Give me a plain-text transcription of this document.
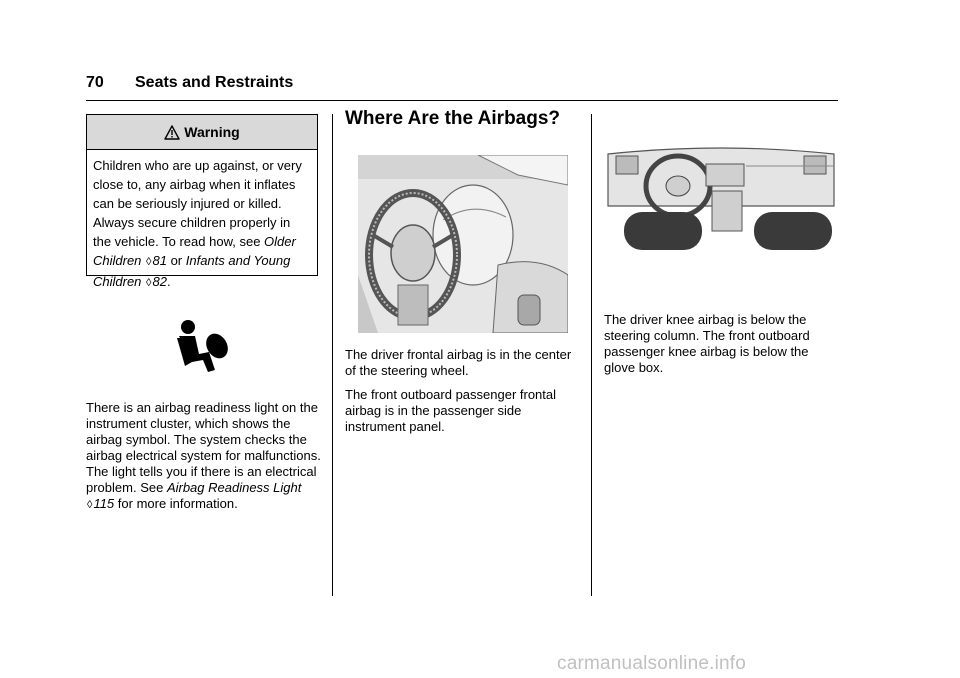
70 Seats and Restraints
Warning
Children who are up against, or very close to, any airbag when it inflates can be seriously injured or killed. Always secure children properly in the vehicle. To read how, see Older Children ◊81 or Infants and Young Children ◊82.
There is an airbag readiness light on the instrument cluster, which shows the airbag symbol. The system checks the airbag electrical system for malfunctions. The light tells you if there is an electrical problem. See Airbag Readiness Light ◊115 for more information.
Where Are the Airbags?

The driver frontal airbag is in the center of the steering wheel.

The front outboard passenger frontal airbag is in the passenger side instrument panel.

The driver knee airbag is below the steering column. The front outboard passenger knee airbag is below the glove box.

carmanualsonline.info
